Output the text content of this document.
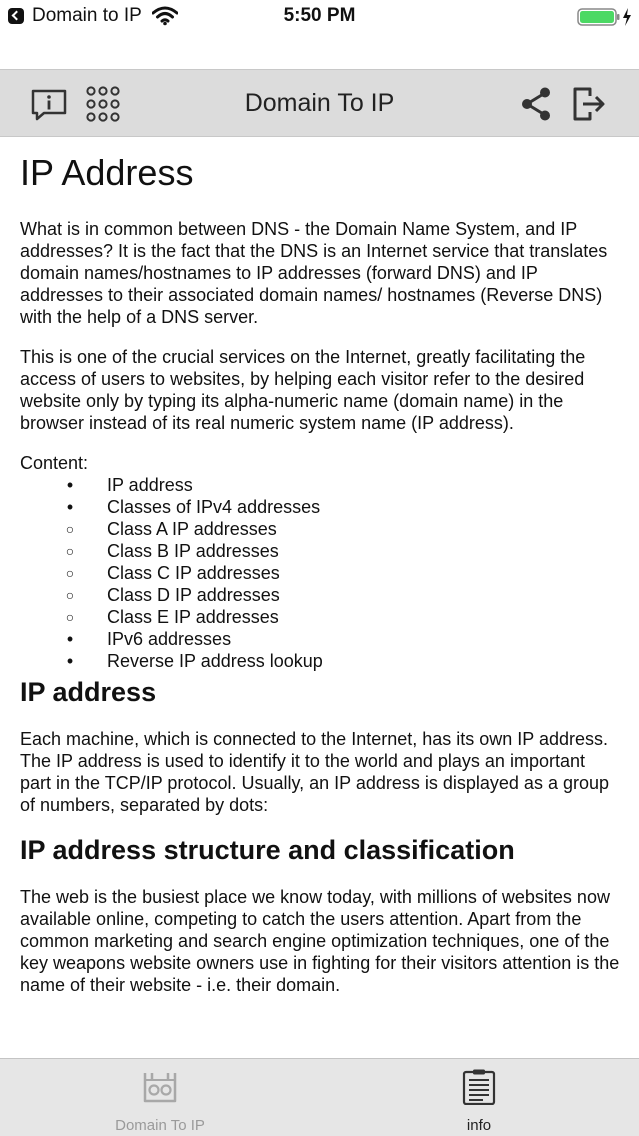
Domain to IP	5:50 PM
Domain To IP
IP Address

What is in common between DNS - the Domain Name System, and IP addresses? It is the fact that the DNS is an Internet service that translates domain names/hostnames to IP addresses (forward DNS) and IP addresses to their associated domain names/ hostnames (Reverse DNS) with the help of a DNS server.

This is one of the crucial services on the Internet, greatly facilitating the access of users to websites, by helping each visitor refer to the desired website only by typing its alpha-numeric name (domain name) in the browser instead of its real numeric system name (IP address).

Content:
•	IP address
•	Classes of IPv4 addresses
○	Class A IP addresses
○	Class B IP addresses
○	Class C IP addresses
○	Class D IP addresses
○	Class E IP addresses
•	IPv6 addresses
•	Reverse IP address lookup
IP address

Each machine, which is connected to the Internet, has its own IP address. The IP address is used to identify it to the world and plays an important part in the TCP/IP protocol. Usually, an IP address is displayed as a group of numbers, separated by dots:

IP address structure and classification

The web is the busiest place we know today, with millions of websites now available online, competing to catch the users attention. Apart from the common marketing and search engine optimization techniques, one of the key weapons website owners use in fighting for their visitors attention is the name of their website - i.e. their domain.

Domain To IP	info
